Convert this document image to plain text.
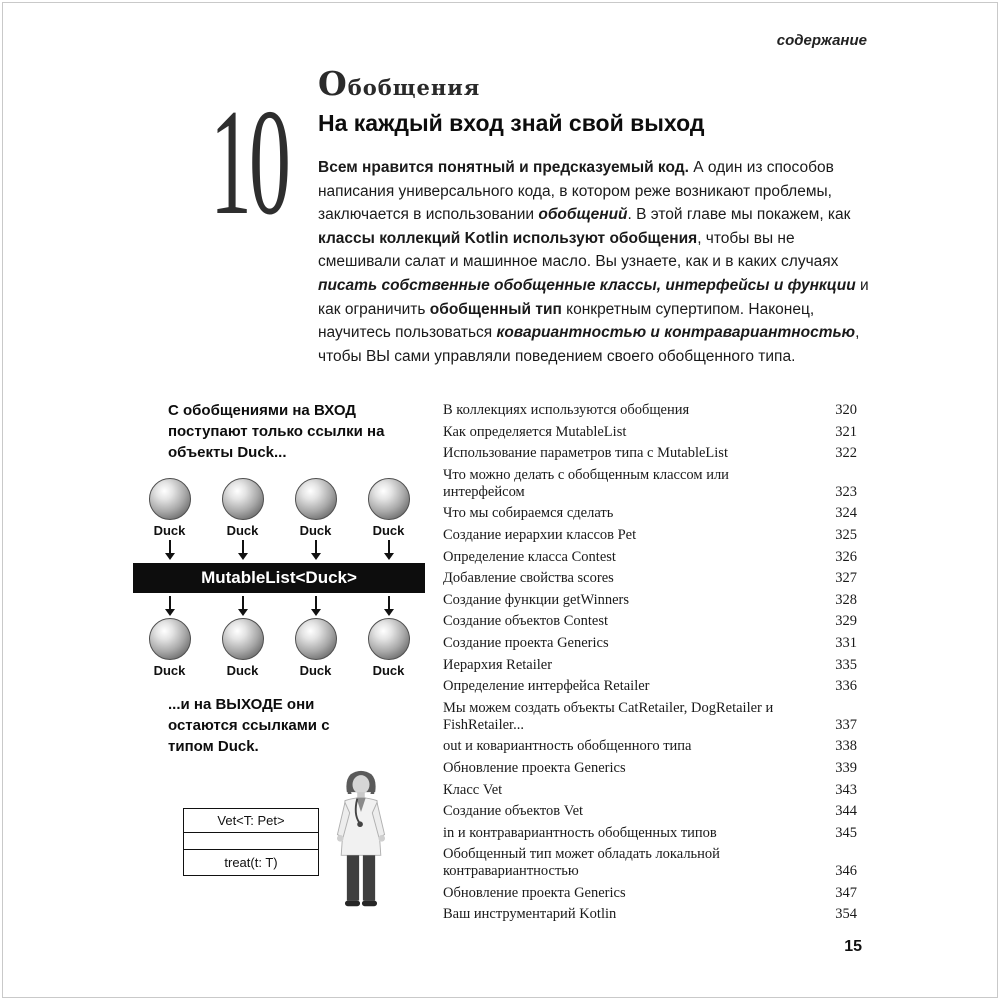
содержание
10 Обобщения
На каждый вход знай свой выход

Всем нравится понятный и предсказуемый код. А один из способов написания универсального кода, в котором реже возникают проблемы, заключается в использовании обобщений. В этой главе мы покажем, как классы коллекций Kotlin используют обобщения, чтобы вы не смешивали салат и машинное масло. Вы узнаете, как и в каких случаях писать собственные обобщенные классы, интерфейсы и функции и как ограничить обобщенный тип конкретным супертипом. Наконец, научитесь пользоваться ковариантностью и контравариантностью, чтобы ВЫ сами управляли поведением своего обобщенного типа.

С обобщениями на ВХОД поступают только ссылки на объекты Duck...
Duck	Duck	Duck	Duck
MutableList<Duck>
Duck	Duck	Duck	Duck
...и на ВЫХОДЕ они остаются ссылками с типом Duck.
Vet<T: Pet>
treat(t: T)
В коллекциях используются обобщения	320
Как определяется MutableList	321
Использование параметров типа с MutableList	322
Что можно делать с обобщенным классом или интерфейсом	323
Что мы собираемся сделать	324
Создание иерархии классов Pet	325
Определение класса Contest	326
Добавление свойства scores	327
Создание функции getWinners	328
Создание объектов Contest	329
Создание проекта Generics	331
Иерархия Retailer	335
Определение интерфейса Retailer	336
Мы можем создать объекты CatRetailer, DogRetailer и FishRetailer...	337
out и ковариантность обобщенного типа	338
Обновление проекта Generics	339
Класс Vet	343
Создание объектов Vet	344
in и контравариантность обобщенных типов	345
Обобщенный тип может обладать локальной контравариантностью	346
Обновление проекта Generics	347
Ваш инструментарий Kotlin	354
15
